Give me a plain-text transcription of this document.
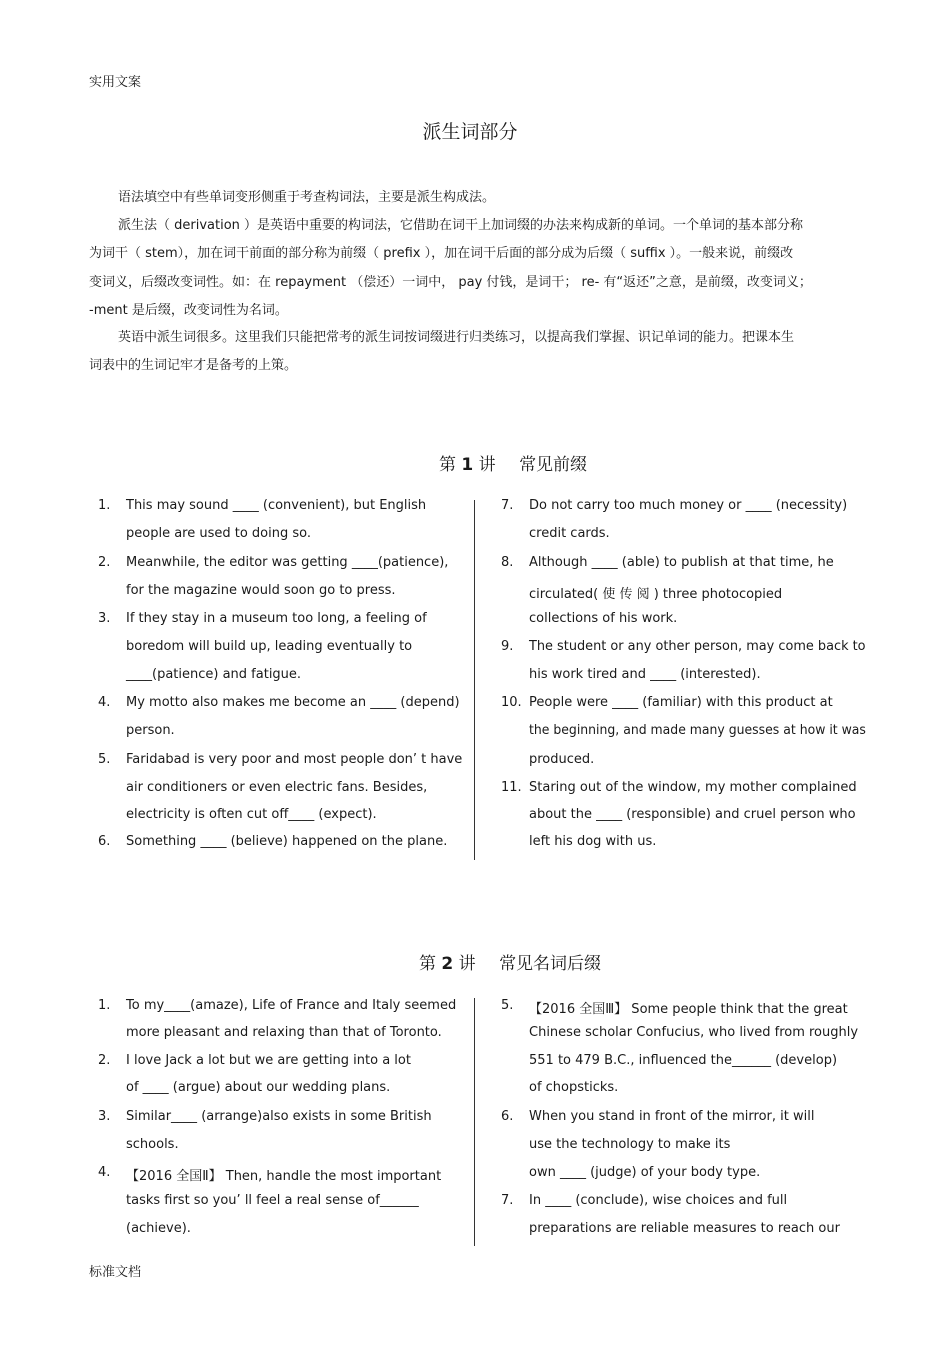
实用文案
派生词部分
语法填空中有些单词变形侧重于考查构词法，主要是派生构成法。
派生法（ derivation ）是英语中重要的构词法，它借助在词干上加词缀的办法来构成新的单词。一个单词的基本部分称
为词干（ stem），加在词干前面的部分称为前缀（ prefix ），加在词干后面的部分成为后缀（ suffix ）。一般来说，前缀改
变词义，后缀改变词性。如：在 repayment （偿还）一词中， pay 付钱，是词干； re- 有“返还”之意，是前缀，改变词义；
-ment 是后缀，改变词性为名词。
英语中派生词很多。这里我们只能把常考的派生词按词缀进行归类练习，以提高我们掌握、识记单词的能力。把课本生
词表中的生词记牢才是备考的上策。
第 1 讲 常见前缀
1. This may sound ____ (convenient), but English
people are used to doing so.
2. Meanwhile, the editor was getting ____(patience),
for the magazine would soon go to press.
3. If they stay in a museum too long, a feeling of
boredom will build up, leading eventually to
____(patience) and fatigue.
4. My motto also makes me become an ____ (depend)
person.
5. Faridabad is very poor and most people don’ t have
air conditioners or even electric fans. Besides,
electricity is often cut off____ (expect).
6. Something ____ (believe) happened on the plane.
7. Do not carry too much money or ____ (necessity)
credit cards.
8. Although ____ (able) to publish at that time, he
circulated( 使 传 阅 ) three photocopied
collections of his work.
9. The student or any other person, may come back to
his work tired and ____ (interested).
10. People were ____ (familiar) with this product at
the beginning, and made many guesses at how it was
produced.
11. Staring out of the window, my mother complained
about the ____ (responsible) and cruel person who
left his dog with us.
第 2 讲 常见名词后缀
1. To my____(amaze), Life of France and Italy seemed
more pleasant and relaxing than that of Toronto.
2. I love Jack a lot but we are getting into a lot
of ____ (argue) about our wedding plans.
3. Similar____ (arrange)also exists in some British
schools.
4. 【2016 全国Ⅱ】 Then, handle the most important
tasks first so you’ ll feel a real sense of______
(achieve).
5. 【2016 全国Ⅲ】 Some people think that the great
Chinese scholar Confucius, who lived from roughly
551 to 479 B.C., influenced the______ (develop)
of chopsticks.
6. When you stand in front of the mirror, it will
use the technology to make its
own ____ (judge) of your body type.
7. In ____ (conclude), wise choices and full
preparations are reliable measures to reach our
标准文档
